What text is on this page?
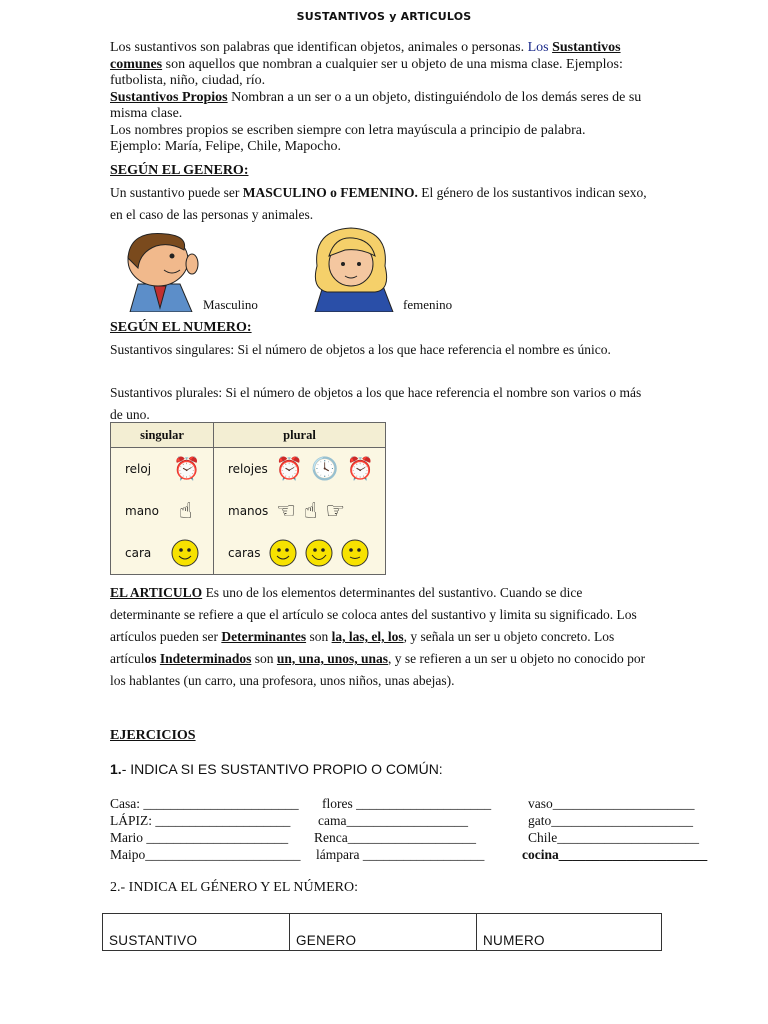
SUSTANTIVOS y ARTICULOS
Los sustantivos son palabras que identifican objetos, animales o personas. Los Sustantivos comunes son aquellos que nombran a cualquier ser u objeto de una misma clase. Ejemplos: futbolista, niño, ciudad, río.
Sustantivos Propios Nombran a un ser o a un objeto, distinguiéndolo de los demás seres de su misma clase.
Los nombres propios se escriben siempre con letra mayúscula a principio de palabra.
Ejemplo: María, Felipe, Chile, Mapocho.
SEGÚN EL GENERO:
Un sustantivo puede ser MASCULINO o FEMENINO. El género de los sustantivos indican sexo, en el caso de las personas y animales.
Masculino	femenino
SEGÚN EL NUMERO:
Sustantivos singulares: Si el número de objetos a los que hace referencia el nombre es único.
Sustantivos plurales: Si el número de objetos a los que hace referencia el nombre son varios o más de uno.
singular	plural

reloj ⏰	relojes ⏰ 🕓 ⏰

mano ☝	manos ☜ ☝ ☞

cara	caras
EL ARTICULO Es uno de los elementos determinantes del sustantivo. Cuando se dice determinante se refiere a que el artículo se coloca antes del sustantivo y limita su significado. Los artículos pueden ser Determinantes son la, las, el, los, y señala un ser u objeto concreto. Los artículos Indeterminados son un, una, unos, unas, y se refieren a un ser u objeto no conocido por los hablantes (un carro, una profesora, unos niños, unas abejas).
EJERCICIOS
1.- INDICA SI ES SUSTANTIVO PROPIO O COMÚN:
Casa: _______________________ flores ____________________	vaso_____________________
LÁPIZ: ____________________ cama__________________	gato_____________________
Mario _____________________ Renca___________________	Chile_____________________
Maipo_______________________ lámpara __________________	cocina______________________
2.- INDICA EL GÉNERO Y EL NÚMERO:
SUSTANTIVO	GENERO	NUMERO
